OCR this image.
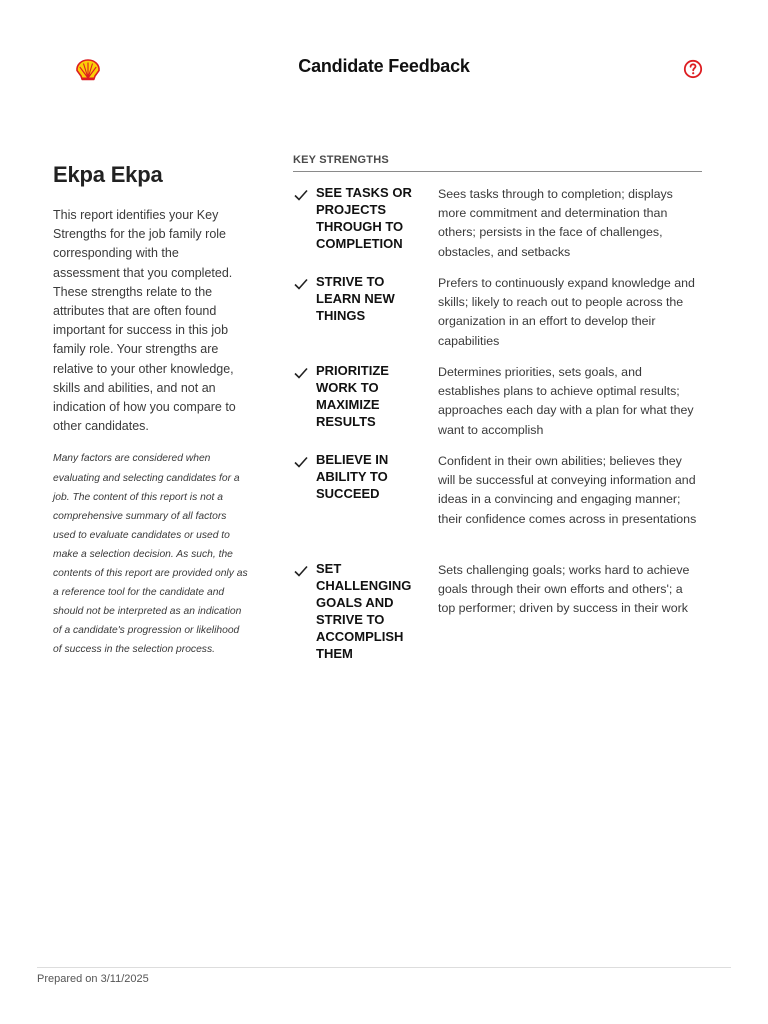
Candidate Feedback
Ekpa Ekpa

This report identifies your Key Strengths for the job family role corresponding with the assessment that you completed. These strengths relate to the attributes that are often found important for success in this job family role. Your strengths are relative to your other knowledge, skills and abilities, and not an indication of how you compare to other candidates.

Many factors are considered when evaluating and selecting candidates for a job. The content of this report is not a comprehensive summary of all factors used to evaluate candidates or used to make a selection decision. As such, the contents of this report are provided only as a reference tool for the candidate and should not be interpreted as an indication of a candidate's progression or likelihood of success in the selection process.

KEY STRENGTHS
SEE TASKS OR PROJECTS THROUGH TO COMPLETION
Sees tasks through to completion; displays more commitment and determination than others; persists in the face of challenges, obstacles, and setbacks
STRIVE TO LEARN NEW THINGS
Prefers to continuously expand knowledge and skills; likely to reach out to people across the organization in an effort to develop their capabilities
PRIORITIZE WORK TO MAXIMIZE RESULTS
Determines priorities, sets goals, and establishes plans to achieve optimal results; approaches each day with a plan for what they want to accomplish
BELIEVE IN ABILITY TO SUCCEED
Confident in their own abilities; believes they will be successful at conveying information and ideas in a convincing and engaging manner; their confidence comes across in presentations
SET CHALLENGING GOALS AND STRIVE TO ACCOMPLISH THEM
Sets challenging goals; works hard to achieve goals through their own efforts and others'; a top performer; driven by success in their work
Prepared on 3/11/2025
